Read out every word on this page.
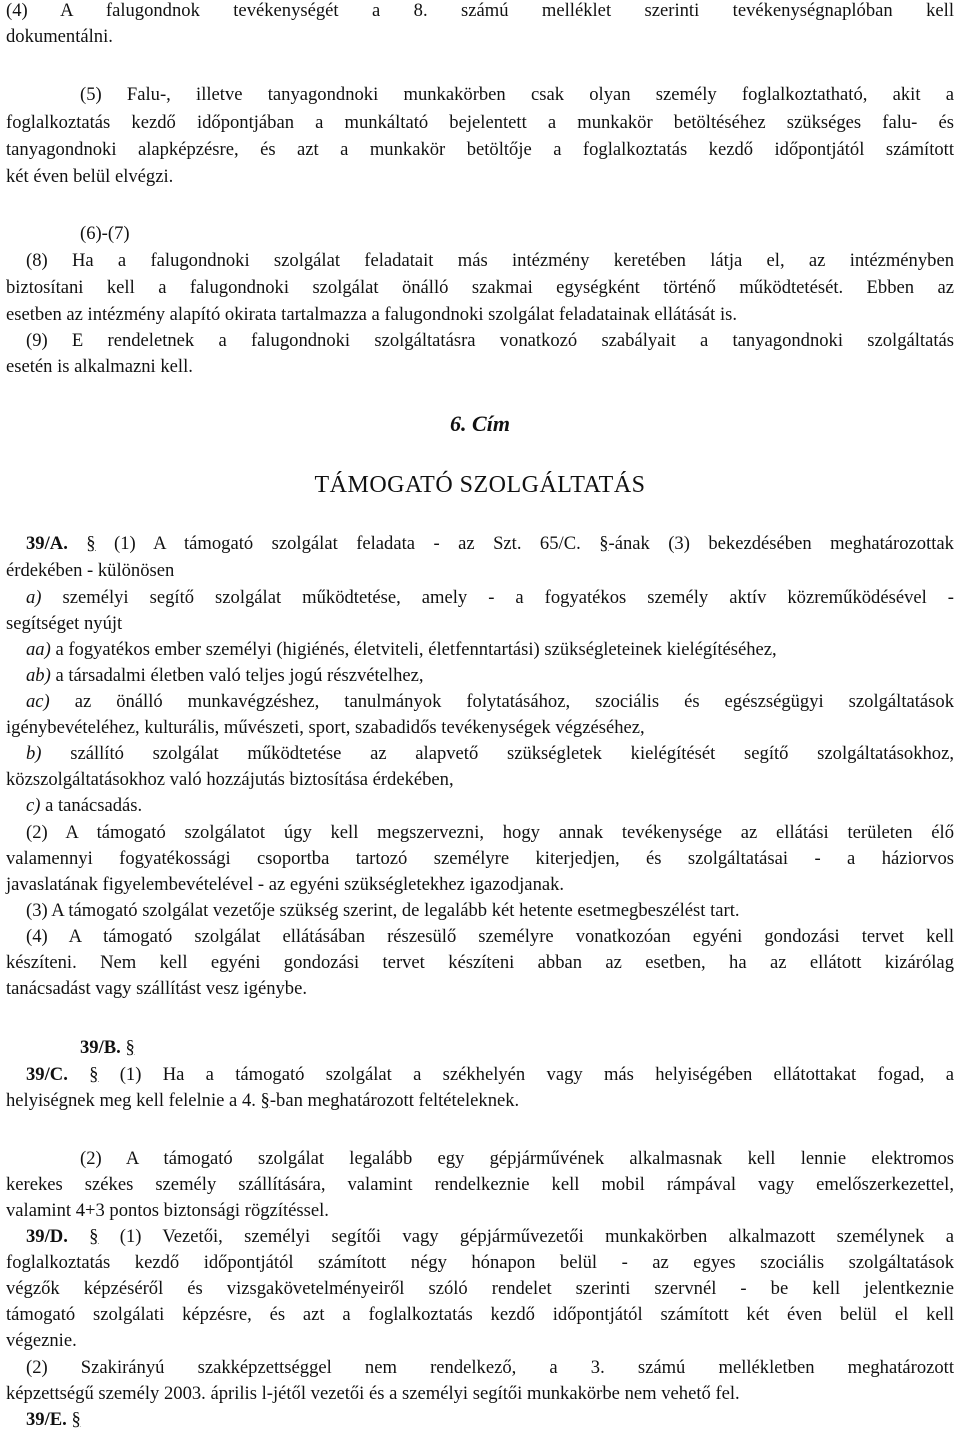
(4) A falugondnok tevékenységét a 8. számú melléklet szerinti tevékenységnaplóban kell
dokumentálni.
(5) Falu-, illetve tanyagondnoki munkakörben csak olyan személy foglalkoztatható, akit a
foglalkoztatás kezdő időpontjában a munkáltató bejelentett a munkakör betöltéséhez szükséges falu- és
tanyagondnoki alapképzésre, és azt a munkakör betöltője a foglalkoztatás kezdő időpontjától számított
két éven belül elvégzi.
(6)-(7)
(8) Ha a falugondnoki szolgálat feladatait más intézmény keretében látja el, az intézményben
biztosítani kell a falugondnoki szolgálat önálló szakmai egységként történő működtetését. Ebben az
esetben az intézmény alapító okirata tartalmazza a falugondnoki szolgálat feladatainak ellátását is.
(9) E rendeletnek a falugondnoki szolgáltatásra vonatkozó szabályait a tanyagondnoki szolgáltatás
esetén is alkalmazni kell.
6. Cím
TÁMOGATÓ SZOLGÁLTATÁS
39/A. § (1) A támogató szolgálat feladata - az Szt. 65/C. §-ának (3) bekezdésében meghatározottak
érdekében - különösen
a) személyi segítő szolgálat működtetése, amely - a fogyatékos személy aktív közreműködésével -
segítséget nyújt
aa) a fogyatékos ember személyi (higiénés, életviteli, életfenntartási) szükségleteinek kielégítéséhez,
ab) a társadalmi életben való teljes jogú részvételhez,
ac) az önálló munkavégzéshez, tanulmányok folytatásához, szociális és egészségügyi szolgáltatások
igénybevételéhez, kulturális, művészeti, sport, szabadidős tevékenységek végzéséhez,
b) szállító szolgálat működtetése az alapvető szükségletek kielégítését segítő szolgáltatásokhoz,
közszolgáltatásokhoz való hozzájutás biztosítása érdekében,
c) a tanácsadás.
(2) A támogató szolgálatot úgy kell megszervezni, hogy annak tevékenysége az ellátási területen élő
valamennyi fogyatékossági csoportba tartozó személyre kiterjedjen, és szolgáltatásai - a háziorvos
javaslatának figyelembevételével - az egyéni szükségletekhez igazodjanak.
(3) A támogató szolgálat vezetője szükség szerint, de legalább két hetente esetmegbeszélést tart.
(4) A támogató szolgálat ellátásában részesülő személyre vonatkozóan egyéni gondozási tervet kell
készíteni. Nem kell egyéni gondozási tervet készíteni abban az esetben, ha az ellátott kizárólag
tanácsadást vagy szállítást vesz igénybe.
39/B. §
39/C. § (1) Ha a támogató szolgálat a székhelyén vagy más helyiségében ellátottakat fogad, a
helyiségnek meg kell felelnie a 4. §-ban meghatározott feltételeknek.
(2) A támogató szolgálat legalább egy gépjárművének alkalmasnak kell lennie elektromos
kerekes székes személy szállítására, valamint rendelkeznie kell mobil rámpával vagy emelőszerkezettel,
valamint 4+3 pontos biztonsági rögzítéssel.
39/D. § (1) Vezetői, személyi segítői vagy gépjárművezetői munkakörben alkalmazott személynek a
foglalkoztatás kezdő időpontjától számított négy hónapon belül - az egyes szociális szolgáltatások
végzők képzéséről és vizsgakövetelményeiről szóló rendelet szerinti szervnél - be kell jelentkeznie
támogató szolgálati képzésre, és azt a foglalkoztatás kezdő időpontjától számított két éven belül el kell
végeznie.
(2) Szakirányú szakképzettséggel nem rendelkező, a 3. számú mellékletben meghatározott
képzettségű személy 2003. április l-jétől vezetői és a személyi segítői munkakörbe nem vehető fel.
39/E. §
